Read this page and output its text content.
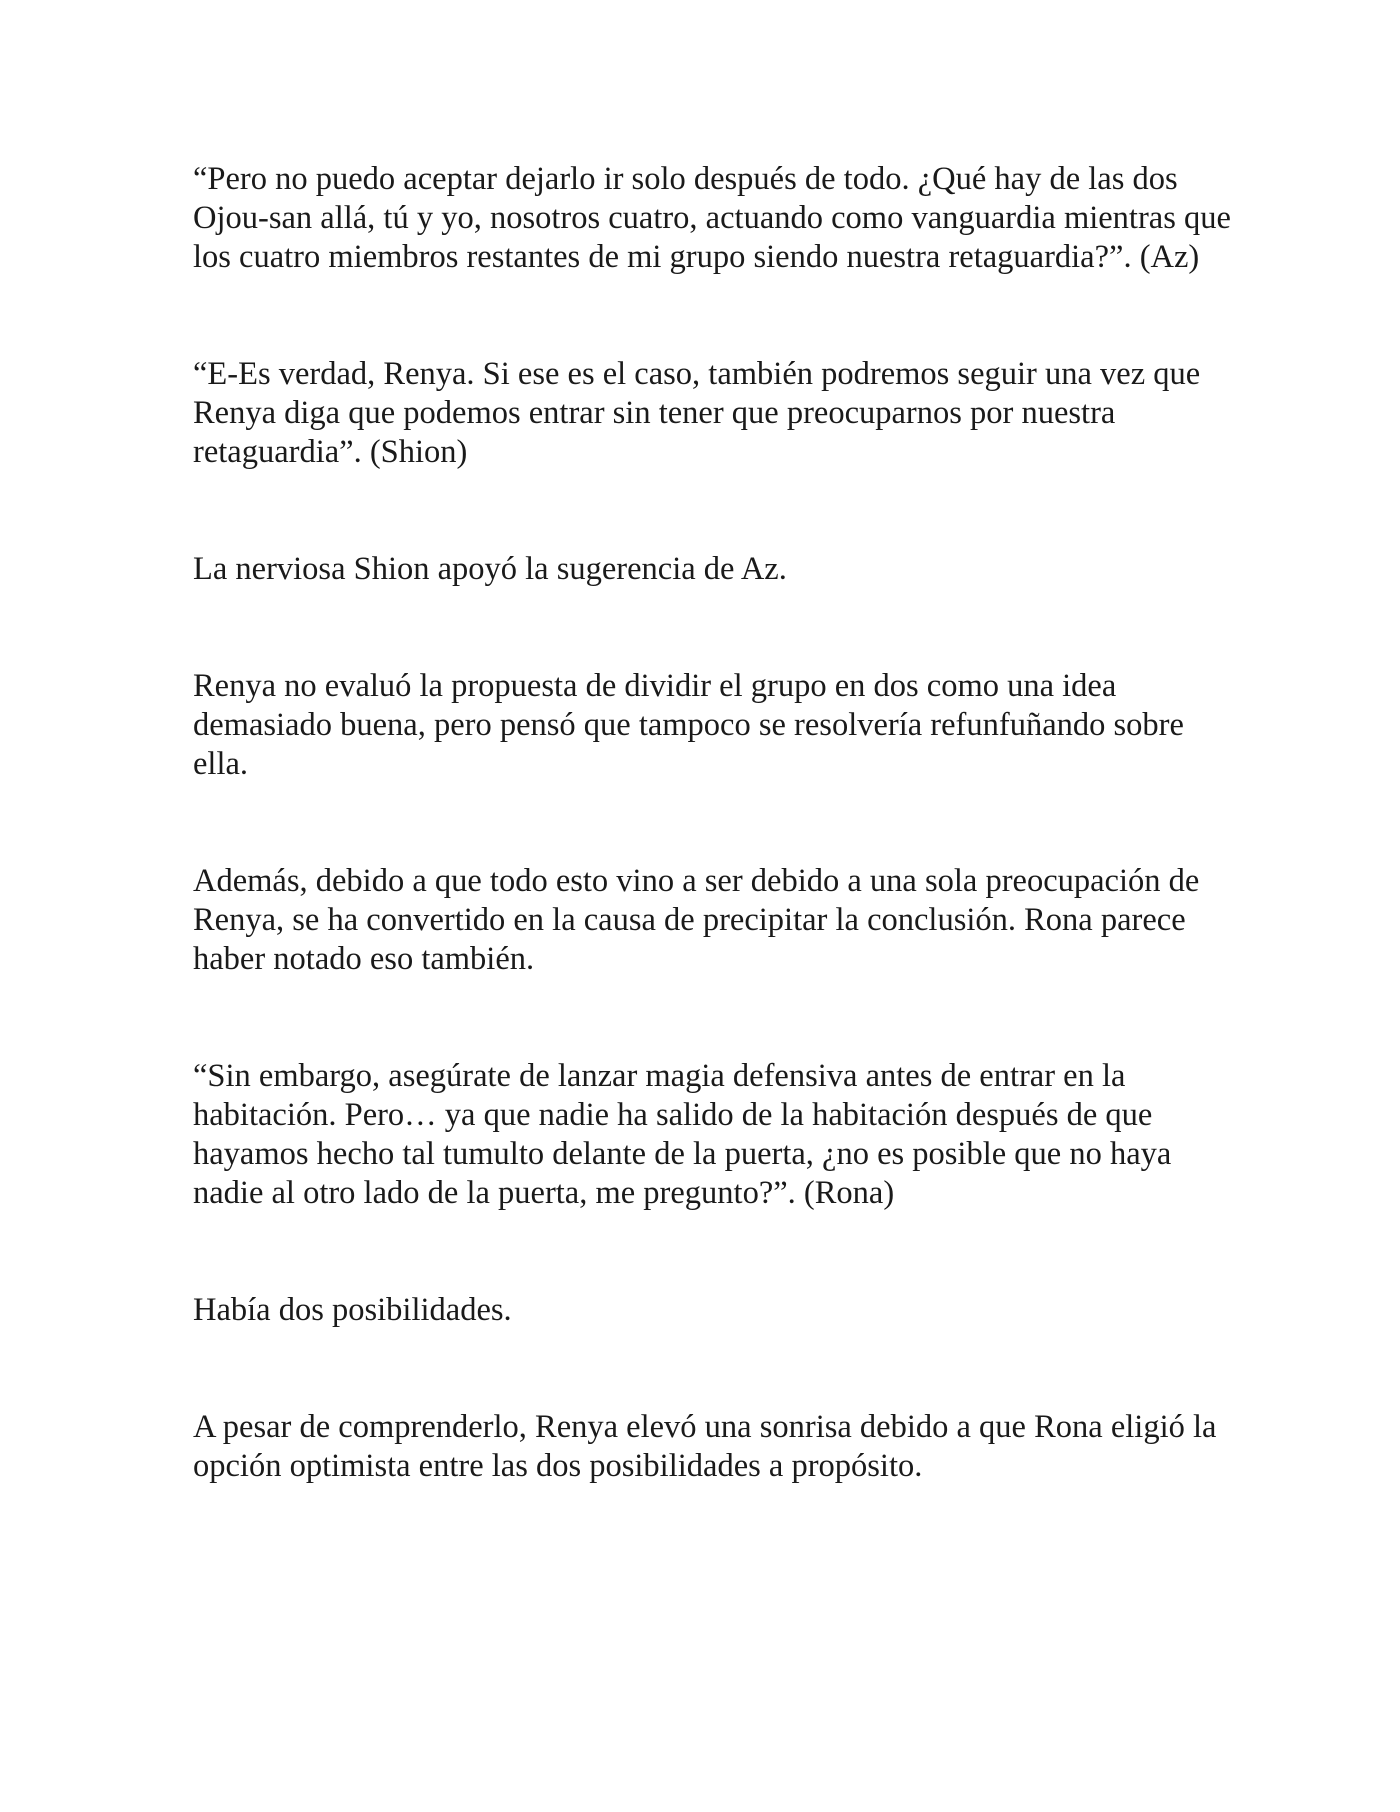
“Pero no puedo aceptar dejarlo ir solo después de todo. ¿Qué hay de las dos Ojou-san allá, tú y yo, nosotros cuatro, actuando como vanguardia mientras que los cuatro miembros restantes de mi grupo siendo nuestra retaguardia?”. (Az)

“E-Es verdad, Renya. Si ese es el caso, también podremos seguir una vez que Renya diga que podemos entrar sin tener que preocuparnos por nuestra retaguardia”. (Shion)

La nerviosa Shion apoyó la sugerencia de Az.

Renya no evaluó la propuesta de dividir el grupo en dos como una idea demasiado buena, pero pensó que tampoco se resolvería refunfuñando sobre ella.

Además, debido a que todo esto vino a ser debido a una sola preocupación de Renya, se ha convertido en la causa de precipitar la conclusión. Rona parece haber notado eso también.

“Sin embargo, asegúrate de lanzar magia defensiva antes de entrar en la habitación. Pero… ya que nadie ha salido de la habitación después de que hayamos hecho tal tumulto delante de la puerta, ¿no es posible que no haya nadie al otro lado de la puerta, me pregunto?”. (Rona)

Había dos posibilidades.

A pesar de comprenderlo, Renya elevó una sonrisa debido a que Rona eligió la opción optimista entre las dos posibilidades a propósito.
